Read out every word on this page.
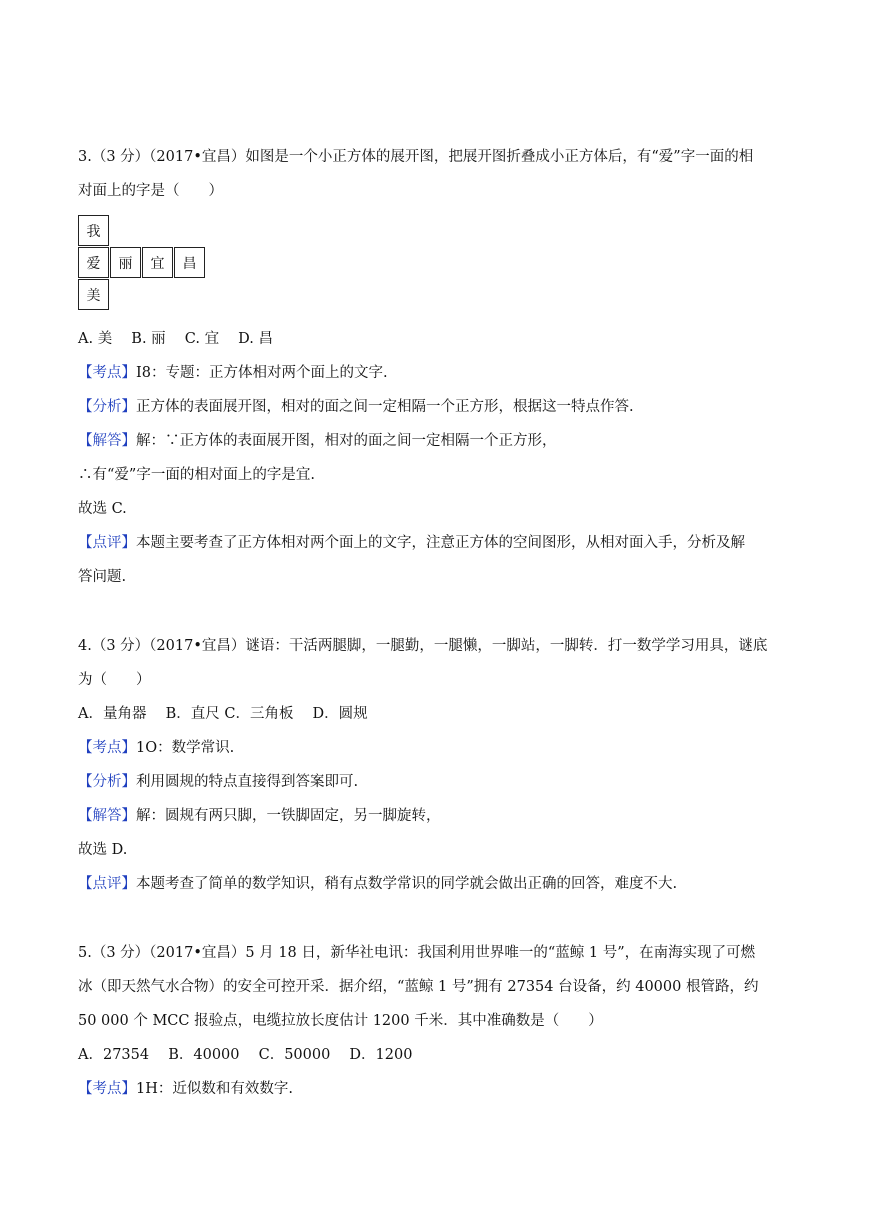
3.（3 分）（2017•宜昌）如图是一个小正方体的展开图，把展开图折叠成小正方体后，有“爱”字一面的相
对面上的字是（　　）
我
爱	丽	宜	昌
美
A. 美　 B. 丽　 C. 宜　 D. 昌
【考点】I8：专题：正方体相对两个面上的文字.
【分析】正方体的表面展开图，相对的面之间一定相隔一个正方形，根据这一特点作答.
【解答】解：∵正方体的表面展开图，相对的面之间一定相隔一个正方形，
∴有“爱”字一面的相对面上的字是宜.
故选 C.
【点评】本题主要考查了正方体相对两个面上的文字，注意正方体的空间图形，从相对面入手，分析及解
答问题.
4.（3 分）（2017•宜昌）谜语：干活两腿脚，一腿勤，一腿懒，一脚站，一脚转．打一数学学习用具，谜底
为（　　）
A．量角器　 B．直尺 C．三角板　 D．圆规
【考点】1O：数学常识.
【分析】利用圆规的特点直接得到答案即可.
【解答】解：圆规有两只脚，一铁脚固定，另一脚旋转，
故选 D.
【点评】本题考查了简单的数学知识，稍有点数学常识的同学就会做出正确的回答，难度不大.
5.（3 分）（2017•宜昌）5 月 18 日，新华社电讯：我国利用世界唯一的“蓝鲸 1 号”，在南海实现了可燃
冰（即天然气水合物）的安全可控开采．据介绍，“蓝鲸 1 号”拥有 27354 台设备，约 40000 根管路，约
50 000 个 MCC 报验点，电缆拉放长度估计 1200 千米．其中准确数是（　　）
A．27354　 B．40000　 C．50000　 D．1200
【考点】1H：近似数和有效数字.
